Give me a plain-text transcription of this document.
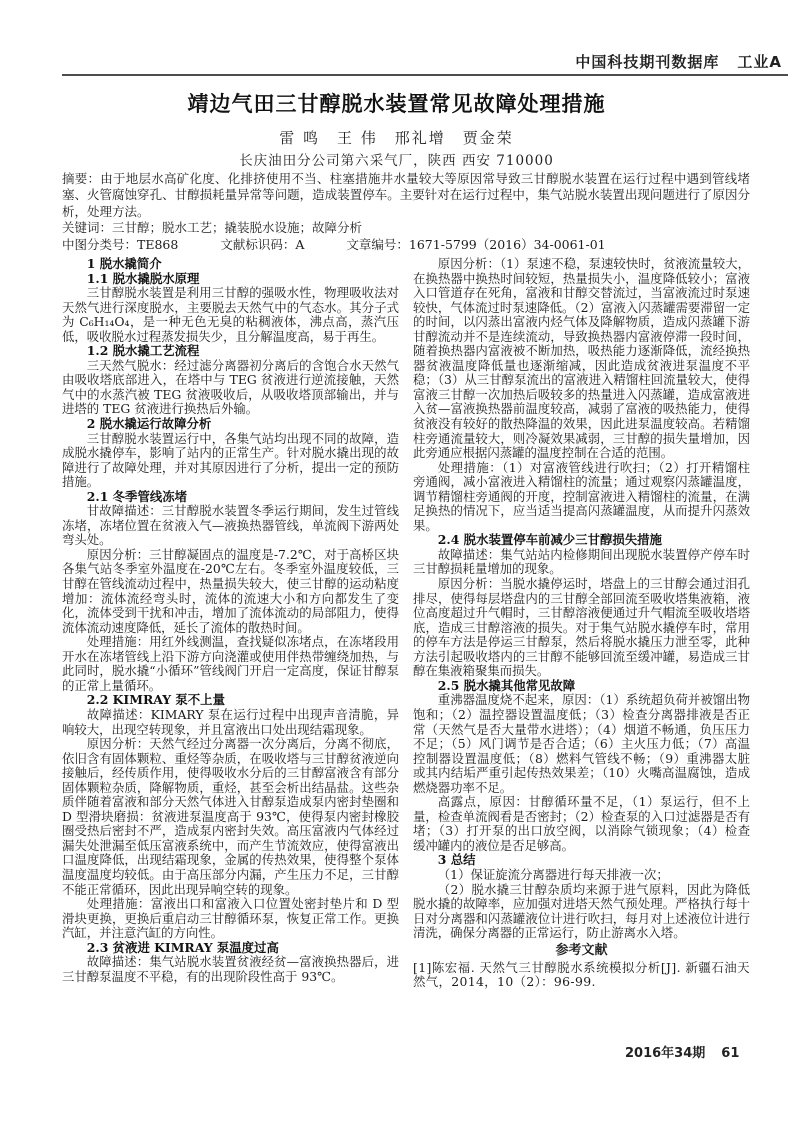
中国科技期刊数据库 工业A
靖边气田三甘醇脱水装置常见故障处理措施
雷 鸣　王 伟　邢礼增　贾金荣
长庆油田分公司第六采气厂，陕西 西安 710000

摘要：由于地层水高矿化度、化排挤使用不当、柱塞措施井水量较大等原因常导致三甘醇脱水装置在运行过程中遇到管线堵塞、火管腐蚀穿孔、甘醇损耗量异常等问题，造成装置停车。主要针对在运行过程中，集气站脱水装置出现问题进行了原因分析，处理方法。

关键词：三甘醇；脱水工艺；撬装脱水设施；故障分析

中图分类号：TE868	文献标识码：A	文章编号：1671-5799（2016）34-0061-01

1 脱水撬简介

1.1 脱水撬脱水原理

三甘醇脱水装置是利用三甘醇的强吸水性，物理吸收法对天然气进行深度脱水，主要脱去天然气中的气态水。其分子式为 C₆H₁₄O₄，是一种无色无臭的粘稠液体，沸点高，蒸汽压低，吸收脱水过程蒸发损失少，且分解温度高，易于再生。

1.2 脱水撬工艺流程

三天然气脱水：经过滤分离器初分离后的含饱合水天然气由吸收塔底部进入，在塔中与 TEG 贫液进行逆流接触，天然气中的水蒸汽被 TEG 贫液吸收后，从吸收塔顶部输出，并与进塔的 TEG 贫液进行换热后外输。

2 脱水撬运行故障分析

三甘醇脱水装置运行中，各集气站均出现不同的故障，造成脱水撬停车，影响了站内的正常生产。针对脱水撬出现的故障进行了故障处理，并对其原因进行了分析，提出一定的预防措施。

2.1 冬季管线冻堵

甘故障描述：三甘醇脱水装置冬季运行期间，发生过管线冻堵，冻堵位置在贫液入气—液换热器管线，单流阀下游两处弯头处。

原因分析：三甘醇凝固点的温度是-7.2℃，对于高桥区块各集气站冬季室外温度在-20℃左右。冬季室外温度较低，三甘醇在管线流动过程中，热量损失较大，使三甘醇的运动粘度增加：流体流经弯头时，流体的流速大小和方向都发生了变化，流体受到干扰和冲击，增加了流体流动的局部阻力，使得流体流动速度降低，延长了流体的散热时间。

处理措施：用红外线测温，查找疑似冻堵点，在冻堵段用开水在冻堵管线上沿下游方向浇灌或使用伴热带缠绕加热，与此同时，脱水撬“小循环”管线阀门开启一定高度，保证甘醇泵的正常上量循环。

2.2 KIMRAY 泵不上量

故障描述：KIMARY 泵在运行过程中出现声音清脆，异响较大，出现空转现象，并且富液出口处出现结霜现象。

原因分析：天然气经过分离器一次分离后，分离不彻底，依旧含有固体颗粒、重烃等杂质，在吸收塔与三甘醇贫液逆向接触后，经传质作用，使得吸收水分后的三甘醇富液含有部分固体颗粒杂质，降解物质，重烃，甚至会析出结晶盐。这些杂质伴随着富液和部分天然气体进入甘醇泵造成泵内密封垫圈和 D 型滑块磨损：贫液进泵温度高于 93℃，使得泵内密封橡胶圈受热后密封不严，造成泵内密封失效。高压富液内气体经过漏失处泄漏至低压富液系统中，而产生节流效应，使得富液出口温度降低，出现结霜现象，金属的传热效果，使得整个泵体温度温度均较低。由于高压部分内漏，产生压力不足，三甘醇不能正常循环，因此出现异响空转的现象。

处理措施：富液出口和富液入口位置处密封垫片和 D 型滑块更换，更换后重启动三甘醇循环泵，恢复正常工作。更换汽缸，并注意汽缸的方向性。

2.3 贫液进 KIMRAY 泵温度过高

故障描述：集气站脱水装置贫液经贫—富液换热器后，进三甘醇泵温度不平稳，有的出现阶段性高于 93℃。

原因分析：（1）泵速不稳，泵速较快时，贫液流量较大，在换热器中换热时间较短，热量损失小，温度降低较小；富液入口管道存在死角，富液和甘醇交替流过，当富液流过时泵速较快，气体流过时泵速降低。（2）富液入闪蒸罐需要滞留一定的时间，以闪蒸出富液内烃气体及降解物质，造成闪蒸罐下游甘醇流动并不是连续流动，导致换热器内富液停滞一段时间，随着换热器内富液被不断加热，吸热能力逐渐降低，流经换热器贫液温度降低量也逐渐缩减，因此造成贫液进泵温度不平稳；（3）从三甘醇泵流出的富液进入精馏柱回流量较大，使得富液三甘醇一次加热后吸较多的热量进入闪蒸罐，造成富液进入贫—富液换热器前温度较高，减弱了富液的吸热能力，使得贫液没有较好的散热降温的效果，因此进泵温度较高。若精馏柱旁通流量较大，则冷凝效果减弱，三甘醇的损失量增加，因此旁通应根据闪蒸罐的温度控制在合适的范围。

处理措施：（1）对富液管线进行吹扫；（2）打开精馏柱旁通阀，减小富液进入精馏柱的流量；通过观察闪蒸罐温度，调节精馏柱旁通阀的开度，控制富液进入精馏柱的流量，在满足换热的情况下，应当适当提高闪蒸罐温度，从而提升闪蒸效果。

2.4 脱水装置停车前减少三甘醇损失措施

故障描述：集气站站内检修期间出现脱水装置停产停车时三甘醇损耗量增加的现象。

原因分析：当脱水撬停运时，塔盘上的三甘醇会通过泪孔排尽，使得每层塔盘内的三甘醇全部回流至吸收塔集液箱，液位高度超过升气帽时，三甘醇溶液便通过升气帽流至吸收塔塔底，造成三甘醇溶液的损失。对于集气站脱水撬停车时，常用的停车方法是停运三甘醇泵，然后将脱水撬压力泄至零，此种方法引起吸收塔内的三甘醇不能够回流至缓冲罐，易造成三甘醇在集液箱聚集而损失。

2.5 脱水撬其他常见故障

重沸器温度烧不起来，原因：（1）系统超负荷并被馏出物饱和；（2）温控器设置温度低；（3）检查分离器排液是否正常（天然气是否大量带水进塔）；（4）烟道不畅通，负压压力不足；（5）风门调节是否合适；（6）主火压力低；（7）高温控制器设置温度低；（8）燃料气管线不畅；（9）重沸器太脏或其内结垢严重引起传热效果差；（10）火嘴高温腐蚀，造成燃烧器功率不足。

高露点，原因：甘醇循环量不足，（1）泵运行，但不上量，检查单流阀看是否密封；（2）检查泵的入口过滤器是否有堵；（3）打开泵的出口放空阀，以消除气锁现象；（4）检查缓冲罐内的液位是否足够高。

3 总结

（1）保证旋流分离器进行每天排液一次；

（2）脱水撬三甘醇杂质均来源于进气原料，因此为降低脱水撬的故障率，应加强对进塔天然气预处理。严格执行每十日对分离器和闪蒸罐液位计进行吹扫，每月对上述液位计进行清洗，确保分离器的正常运行，防止游离水入塔。

参考文献

[1]陈宏福. 天然气三甘醇脱水系统模拟分析[J]. 新疆石油天然气，2014，10（2）：96-99.

2016年34期 61
